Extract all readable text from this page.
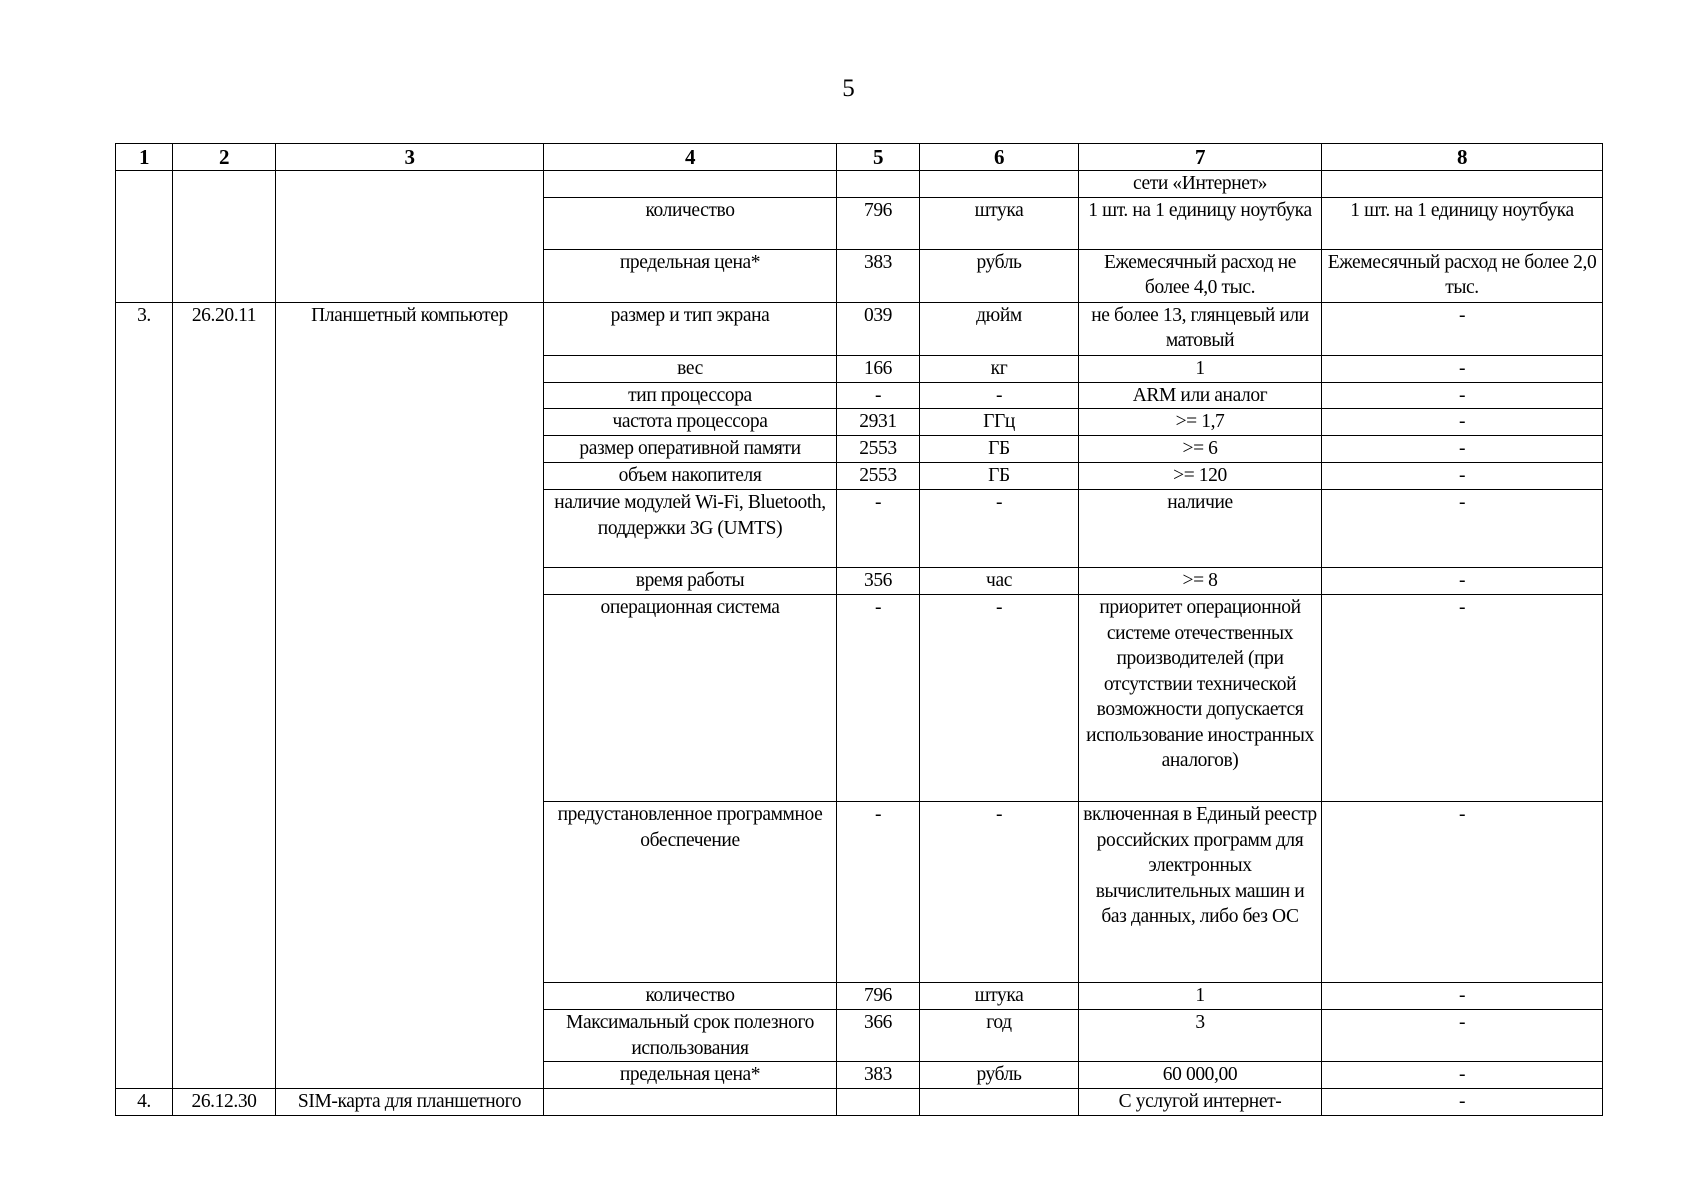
5
1	2	3	4	5	6	7	8
						сети «Интернет»	
			количество	796	штука	1 шт. на 1 единицу ноутбука	1 шт. на 1 единицу ноутбука
			предельная цена*	383	рубль	Ежемесячный расход не более 4,0 тыс.	Ежемесячный расход не более 2,0 тыс.
3.	26.20.11	Планшетный компьютер	размер и тип экрана	039	дюйм	не более 13, глянцевый или матовый	-
			вес	166	кг	1	-
			тип процессора	-	-	ARM или аналог	-
			частота процессора	2931	ГГц	>= 1,7	-
			размер оперативной памяти	2553	ГБ	>= 6	-
			объем накопителя	2553	ГБ	>= 120	-
			наличие модулей Wi-Fi, Bluetooth, поддержки 3G (UMTS)	-	-	наличие	-
			время работы	356	час	>= 8	-
			операционная система	-	-	приоритет операционной системе отечественных производителей (при отсутствии технической возможности допускается использование иностранных аналогов)	-
			предустановленное программное обеспечение	-	-	включенная в Единый реестр российских программ для электронных вычислительных машин и баз данных, либо без ОС	-
			количество	796	штука	1	-
			Максимальный срок полезного использования	366	год	3	-
			предельная цена*	383	рубль	60 000,00	-
4.	26.12.30	SIM-карта для планшетного				С услугой интернет-	-
